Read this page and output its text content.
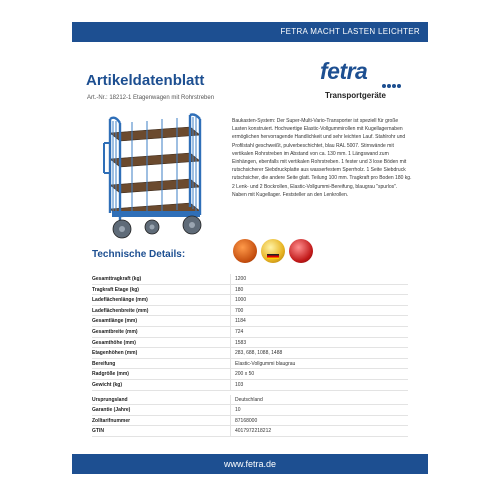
FETRA MACHT LASTEN LEICHTER
Artikeldatenblatt
Art.-Nr.: 18212-1 Etagenwagen mit Rohrstreben
fetra
Transportgeräte
Baukasten-System: Der Super-Multi-Vario-Transporter ist speziell für große Lasten konstruiert. Hochwertige Elastic-Vollgummirollen mit Kugellagernaben ermöglichen hervorragende Handlichkeit und sehr leichten Lauf. Stahlrohr und Profilstahl geschweißt, pulverbeschichtet, blau RAL 5007. Stirnwände mit vertikalen Rohrstreben im Abstand von ca. 130 mm. 1 Längswand zum Einhängen, ebenfalls mit vertikalen Rohrstreben. 1 fester und 3 lose Böden mit rutschsicherer Siebdruckplatte aus wasserfestem Sperrholz. 1 Seite Siebdruck rutschsicher, die andere Seite glatt. Teilung 100 mm. Tragkraft pro Boden 180 kg. 2 Lenk- und 2 Bockrollen, Elastic-Vollgummi-Bereifung, blaugrau "spurlos". Naben mit Kugellager. Feststeller an den Lenkrollen.
Technische Details:
Gesamttragkraft (kg)	1200
Tragkraft Etage (kg)	180
Ladeflächenlänge (mm)	1000
Ladeflächenbreite (mm)	700
Gesamtlänge (mm)	1184
Gesamtbreite (mm)	724
Gesamthöhe (mm)	1583
Etagenhöhen (mm)	283, 688, 1088, 1488
Bereifung	Elastic-Vollgummi blaugrau
Radgröße (mm)	200 x 50
Gewicht (kg)	103
Ursprungsland	Deutschland
Garantie (Jahre)	10
Zolltarifnummer	87168000
GTIN	4017972218212
www.fetra.de
